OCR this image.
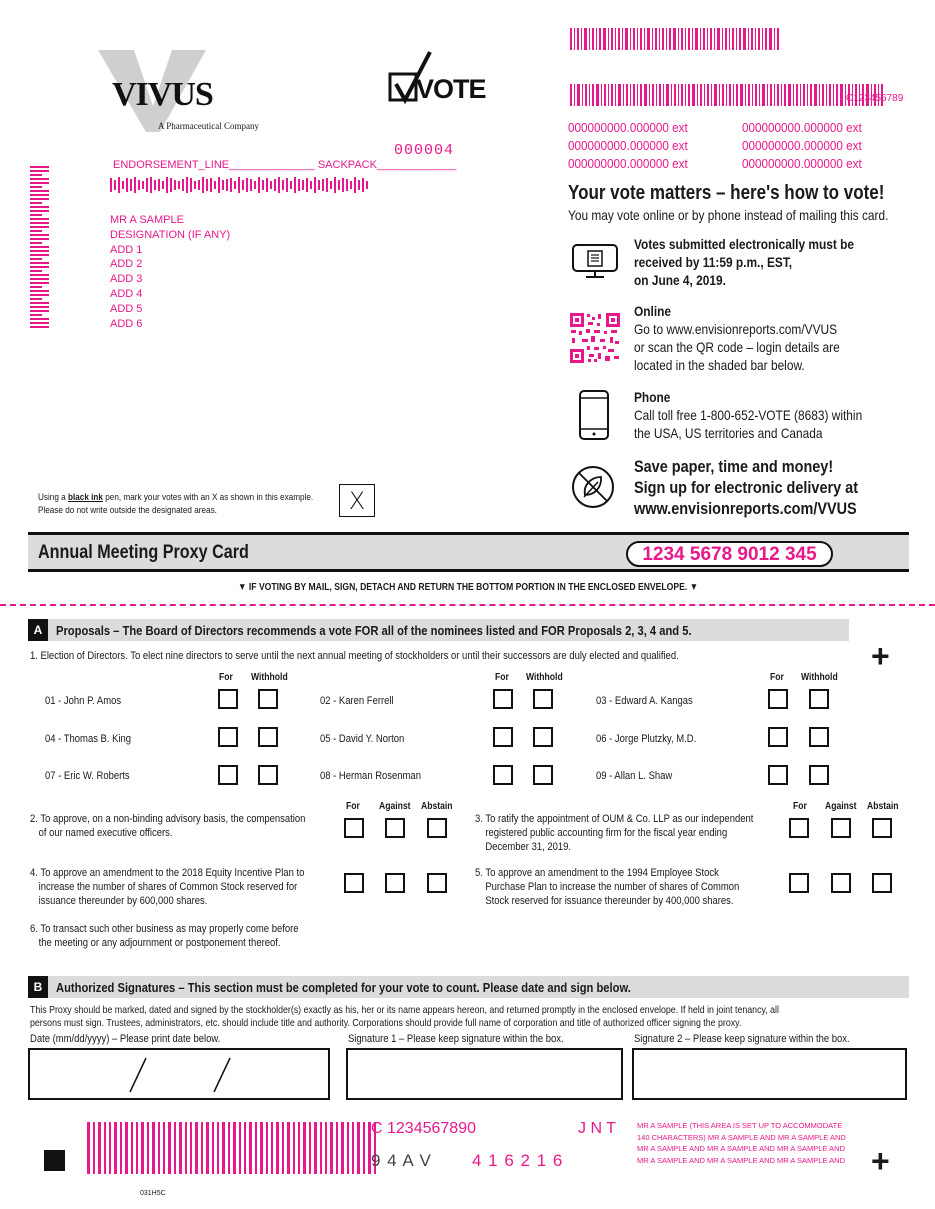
VIVUS
A Pharmaceutical Company
VOTE	C123456789
000000000.000000 ext	000000000.000000 ext
000000000.000000 ext	000000000.000000 ext
000000000.000000 ext	000000000.000000 ext
000004
ENDORSEMENT_LINE______________ SACKPACK_____________
MR A SAMPLE
DESIGNATION (IF ANY)
ADD 1
ADD 2
ADD 3
ADD 4
ADD 5
ADD 6
Your vote matters – here's how to vote!
You may vote online or by phone instead of mailing this card.
Votes submitted electronically must be
received by 11:59 p.m., EST,
on June 4, 2019.
Online
Go to www.envisionreports.com/VVUS
or scan the QR code – login details are
located in the shaded bar below.
Phone
Call toll free 1-800-652-VOTE (8683) within
the USA, US territories and Canada
Save paper, time and money!
Sign up for electronic delivery at
www.envisionreports.com/VVUS
Using a black ink pen, mark your votes with an X as shown in this example.
Please do not write outside the designated areas.	X
Annual Meeting Proxy Card	1234 5678 9012 345
▼ IF VOTING BY MAIL, SIGN, DETACH AND RETURN THE BOTTOM PORTION IN THE ENCLOSED ENVELOPE. ▼
A	Proposals – The Board of Directors recommends a vote FOR all of the nominees listed and FOR Proposals 2, 3, 4 and 5.
+
1. Election of Directors. To elect nine directors to serve until the next annual meeting of stockholders or until their successors are duly elected and qualified.
For Withhold	For Withhold	For Withhold
01 - John P. Amos	02 - Karen Ferrell	03 - Edward A. Kangas
04 - Thomas B. King	05 - David Y. Norton	06 - Jorge Plutzky, M.D.
07 - Eric W. Roberts	08 - Herman Rosenman	09 - Allan L. Shaw
For Against Abstain	For Against Abstain
2. To approve, on a non-binding advisory basis, the compensation
of our named executive officers.
3. To ratify the appointment of OUM & Co. LLP as our independent
registered public accounting firm for the fiscal year ending
December 31, 2019.
4. To approve an amendment to the 2018 Equity Incentive Plan to
increase the number of shares of Common Stock reserved for
issuance thereunder by 600,000 shares.
5. To approve an amendment to the 1994 Employee Stock
Purchase Plan to increase the number of shares of Common
Stock reserved for issuance thereunder by 400,000 shares.
6. To transact such other business as may properly come before
the meeting or any adjournment or postponement thereof.
B	Authorized Signatures – This section must be completed for your vote to count. Please date and sign below.
This Proxy should be marked, dated and signed by the stockholder(s) exactly as his, her or its name appears hereon, and returned promptly in the enclosed envelope. If held in joint tenancy, all
persons must sign. Trustees, administrators, etc. should include title and authority. Corporations should provide full name of corporation and title of authorized officer signing the proxy.
Date (mm/dd/yyyy) – Please print date below.	Signature 1 – Please keep signature within the box.	Signature 2 – Please keep signature within the box.
031H5C
C 1234567890	J N T
9 4 A V 4 1 6 2 1 6
MR A SAMPLE (THIS AREA IS SET UP TO ACCOMMODATE
140 CHARACTERS) MR A SAMPLE AND MR A SAMPLE AND
MR A SAMPLE AND MR A SAMPLE AND MR A SAMPLE AND
MR A SAMPLE AND MR A SAMPLE AND MR A SAMPLE AND +
